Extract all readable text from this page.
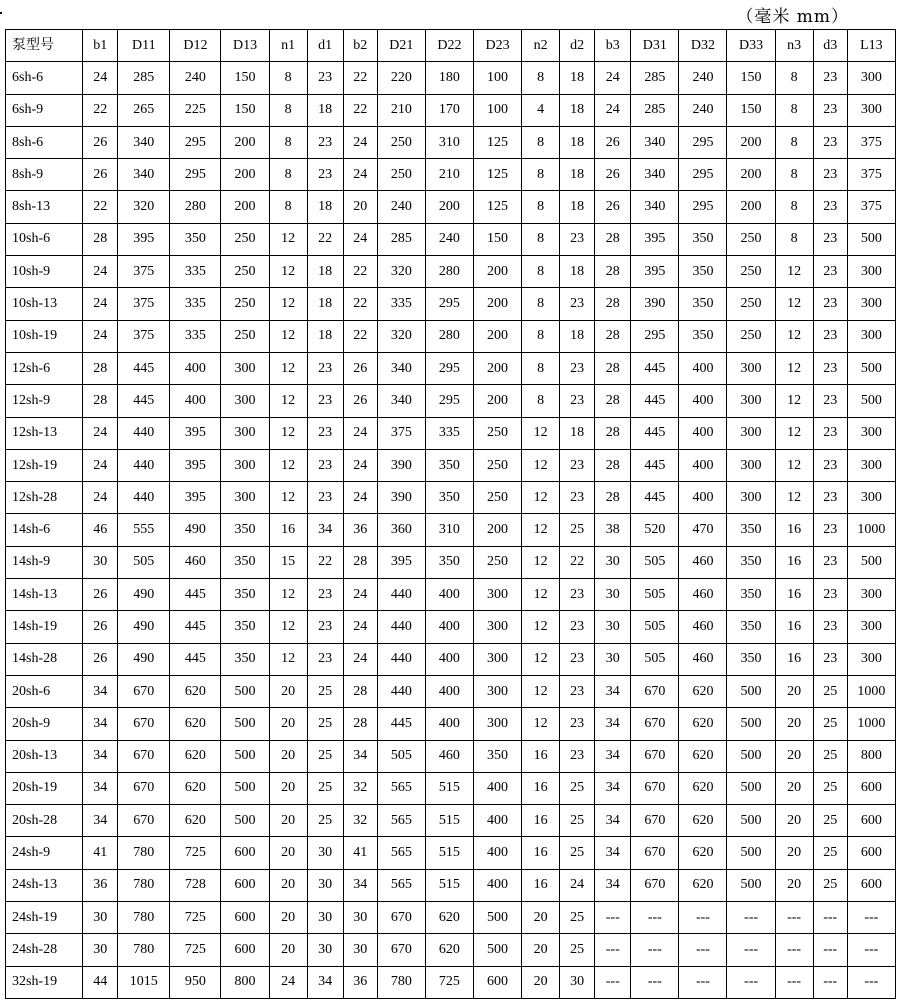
（毫米 mm）
泵型号	b1	D11	D12	D13	n1	d1	b2	D21	D22	D23	n2	d2	b3	D31	D32	D33	n3	d3	L13
6sh-6	24	285	240	150	8	23	22	220	180	100	8	18	24	285	240	150	8	23	300
6sh-9	22	265	225	150	8	18	22	210	170	100	4	18	24	285	240	150	8	23	300
8sh-6	26	340	295	200	8	23	24	250	310	125	8	18	26	340	295	200	8	23	375
8sh-9	26	340	295	200	8	23	24	250	210	125	8	18	26	340	295	200	8	23	375
8sh-13	22	320	280	200	8	18	20	240	200	125	8	18	26	340	295	200	8	23	375
10sh-6	28	395	350	250	12	22	24	285	240	150	8	23	28	395	350	250	8	23	500
10sh-9	24	375	335	250	12	18	22	320	280	200	8	18	28	395	350	250	12	23	300
10sh-13	24	375	335	250	12	18	22	335	295	200	8	23	28	390	350	250	12	23	300
10sh-19	24	375	335	250	12	18	22	320	280	200	8	18	28	295	350	250	12	23	300
12sh-6	28	445	400	300	12	23	26	340	295	200	8	23	28	445	400	300	12	23	500
12sh-9	28	445	400	300	12	23	26	340	295	200	8	23	28	445	400	300	12	23	500
12sh-13	24	440	395	300	12	23	24	375	335	250	12	18	28	445	400	300	12	23	300
12sh-19	24	440	395	300	12	23	24	390	350	250	12	23	28	445	400	300	12	23	300
12sh-28	24	440	395	300	12	23	24	390	350	250	12	23	28	445	400	300	12	23	300
14sh-6	46	555	490	350	16	34	36	360	310	200	12	25	38	520	470	350	16	23	1000
14sh-9	30	505	460	350	15	22	28	395	350	250	12	22	30	505	460	350	16	23	500
14sh-13	26	490	445	350	12	23	24	440	400	300	12	23	30	505	460	350	16	23	300
14sh-19	26	490	445	350	12	23	24	440	400	300	12	23	30	505	460	350	16	23	300
14sh-28	26	490	445	350	12	23	24	440	400	300	12	23	30	505	460	350	16	23	300
20sh-6	34	670	620	500	20	25	28	440	400	300	12	23	34	670	620	500	20	25	1000
20sh-9	34	670	620	500	20	25	28	445	400	300	12	23	34	670	620	500	20	25	1000
20sh-13	34	670	620	500	20	25	34	505	460	350	16	23	34	670	620	500	20	25	800
20sh-19	34	670	620	500	20	25	32	565	515	400	16	25	34	670	620	500	20	25	600
20sh-28	34	670	620	500	20	25	32	565	515	400	16	25	34	670	620	500	20	25	600
24sh-9	41	780	725	600	20	30	41	565	515	400	16	25	34	670	620	500	20	25	600
24sh-13	36	780	728	600	20	30	34	565	515	400	16	24	34	670	620	500	20	25	600
24sh-19	30	780	725	600	20	30	30	670	620	500	20	25	---	---	---	---	---	---	---
24sh-28	30	780	725	600	20	30	30	670	620	500	20	25	---	---	---	---	---	---	---
32sh-19	44	1015	950	800	24	34	36	780	725	600	20	30	---	---	---	---	---	---	---
